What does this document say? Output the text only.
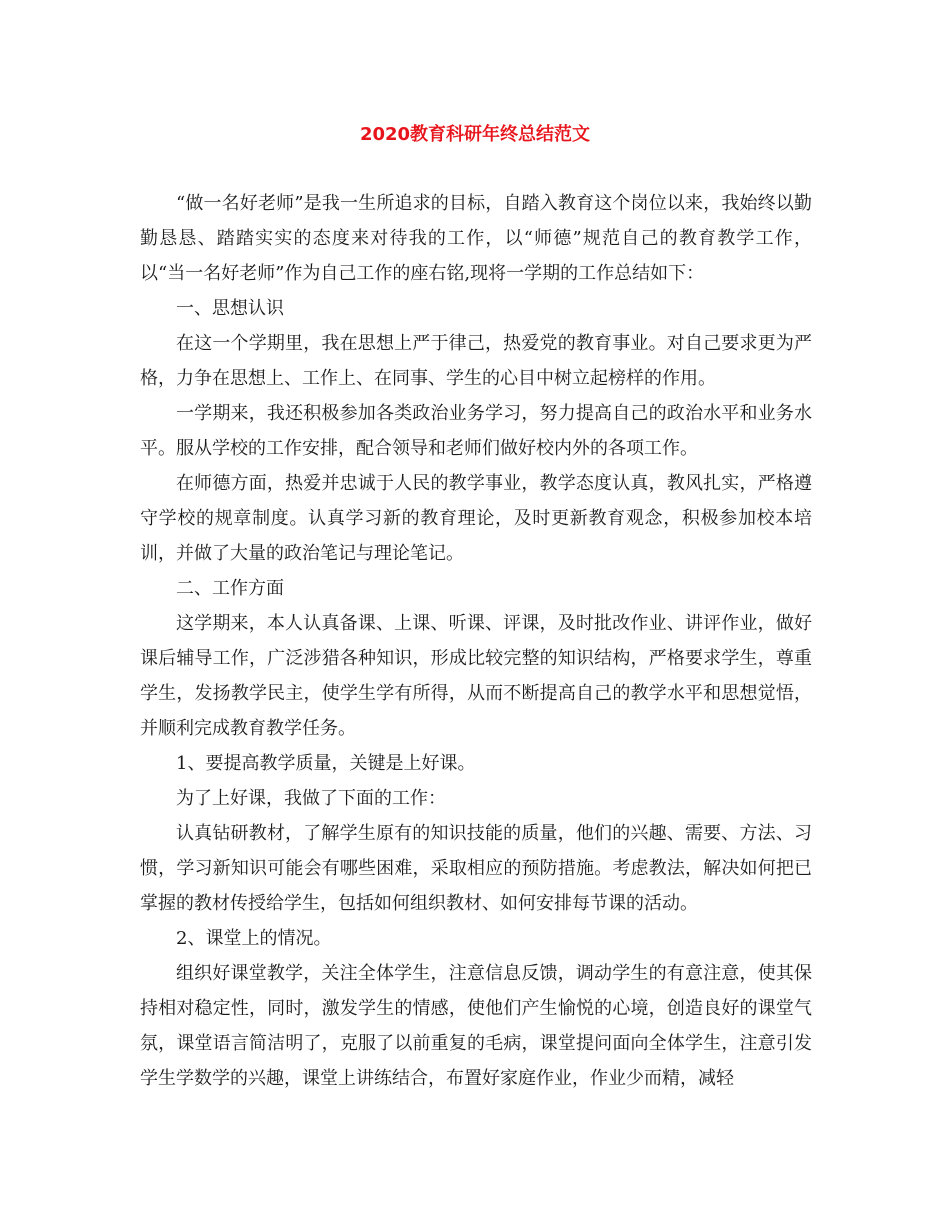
2020教育科研年终总结范文

“做一名好老师”是我一生所追求的目标，自踏入教育这个岗位以来，我始终以勤勤恳恳、踏踏实实的态度来对待我的工作，以“师德”规范自己的教育教学工作，以“当一名好老师”作为自己工作的座右铭,现将一学期的工作总结如下：

一、思想认识

在这一个学期里，我在思想上严于律己，热爱党的教育事业。对自己要求更为严格，力争在思想上、工作上、在同事、学生的心目中树立起榜样的作用。

一学期来，我还积极参加各类政治业务学习，努力提高自己的政治水平和业务水平。服从学校的工作安排，配合领导和老师们做好校内外的各项工作。

在师德方面，热爱并忠诚于人民的教学事业，教学态度认真，教风扎实，严格遵守学校的规章制度。认真学习新的教育理论，及时更新教育观念，积极参加校本培训，并做了大量的政治笔记与理论笔记。

二、工作方面

这学期来，本人认真备课、上课、听课、评课，及时批改作业、讲评作业，做好课后辅导工作，广泛涉猎各种知识，形成比较完整的知识结构，严格要求学生，尊重学生，发扬教学民主，使学生学有所得，从而不断提高自己的教学水平和思想觉悟，并顺利完成教育教学任务。

1、要提高教学质量，关键是上好课。

为了上好课，我做了下面的工作：

认真钻研教材，了解学生原有的知识技能的质量，他们的兴趣、需要、方法、习惯，学习新知识可能会有哪些困难，采取相应的预防措施。考虑教法，解决如何把已掌握的教材传授给学生，包括如何组织教材、如何安排每节课的活动。

2、课堂上的情况。

组织好课堂教学，关注全体学生，注意信息反馈，调动学生的有意注意，使其保持相对稳定性，同时，激发学生的情感，使他们产生愉悦的心境，创造良好的课堂气氛，课堂语言简洁明了，克服了以前重复的毛病，课堂提问面向全体学生，注意引发学生学数学的兴趣，课堂上讲练结合，布置好家庭作业，作业少而精，减轻
